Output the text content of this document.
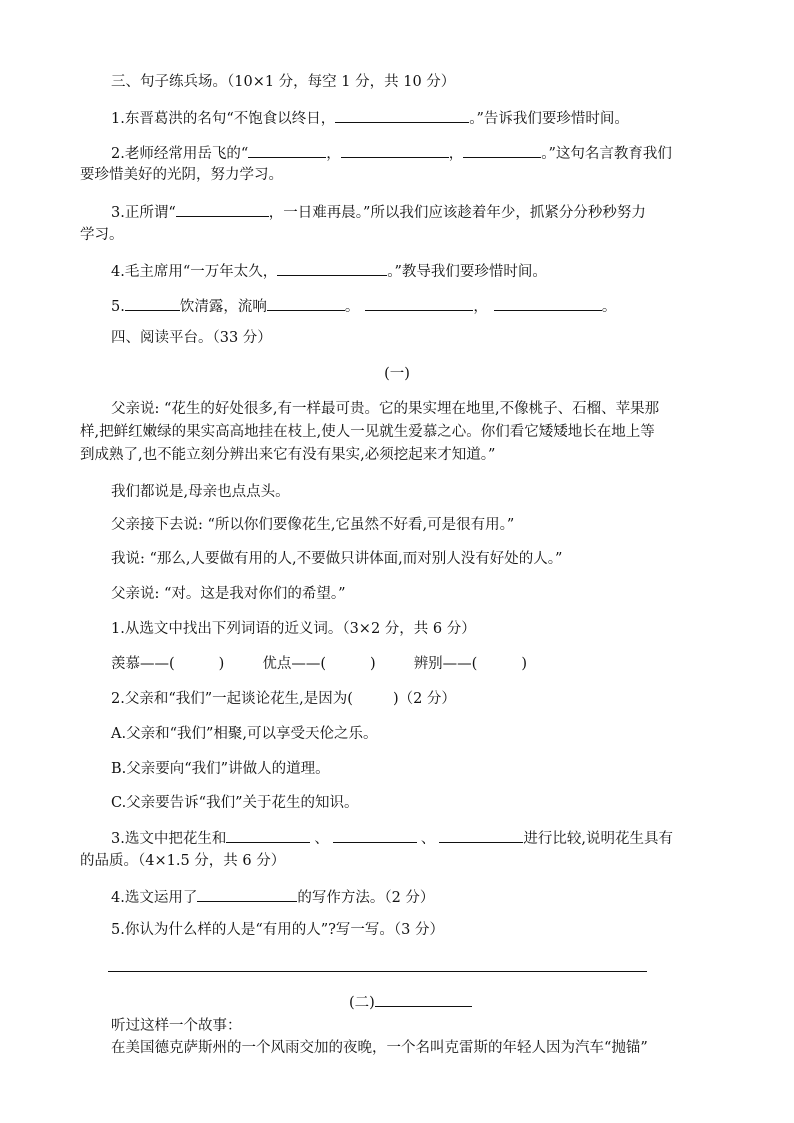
三、句子练兵场。（10×1 分，每空 1 分，共 10 分）
1.东晋葛洪的名句“不饱食以终日，	。”告诉我们要珍惜时间。
2.老师经常用岳飞的“	，	，	。”这句名言教育我们
要珍惜美好的光阴，努力学习。
3.正所谓“	，一日难再晨。”所以我们应该趁着年少，抓紧分分秒秒努力
学习。
4.毛主席用“一万年太久，	。”教导我们要珍惜时间。
5.	饮清露，流响	。	，	。
四、阅读平台。（33 分）
(一)
父亲说: “花生的好处很多,有一样最可贵。它的果实埋在地里,不像桃子、石榴、苹果那
样,把鲜红嫩绿的果实高高地挂在枝上,使人一见就生爱慕之心。你们看它矮矮地长在地上等
到成熟了,也不能立刻分辨出来它有没有果实,必须挖起来才知道。”
我们都说是,母亲也点点头。
父亲接下去说: “所以你们要像花生,它虽然不好看,可是很有用。”
我说: “那么,人要做有用的人,不要做只讲体面,而对别人没有好处的人。”
父亲说: “对。这是我对你们的希望。”
1.从选文中找出下列词语的近义词。（3×2 分，共 6 分）
羡慕——(	)	优点——(	)	辨别——(	)
2.父亲和“我们”一起谈论花生,是因为(	)（2 分）
A.父亲和“我们”相聚,可以享受天伦之乐。
B.父亲要向“我们”讲做人的道理。
C.父亲要告诉“我们”关于花生的知识。
3.选文中把花生和	、	、	进行比较,说明花生具有
的品质。（4×1.5 分，共 6 分）
4.选文运用了	的写作方法。（2 分）
5.你认为什么样的人是“有用的人”?写一写。（3 分）
(二)
听过这样一个故事：
在美国德克萨斯州的一个风雨交加的夜晚，一个名叫克雷斯的年轻人因为汽车“抛锚”
